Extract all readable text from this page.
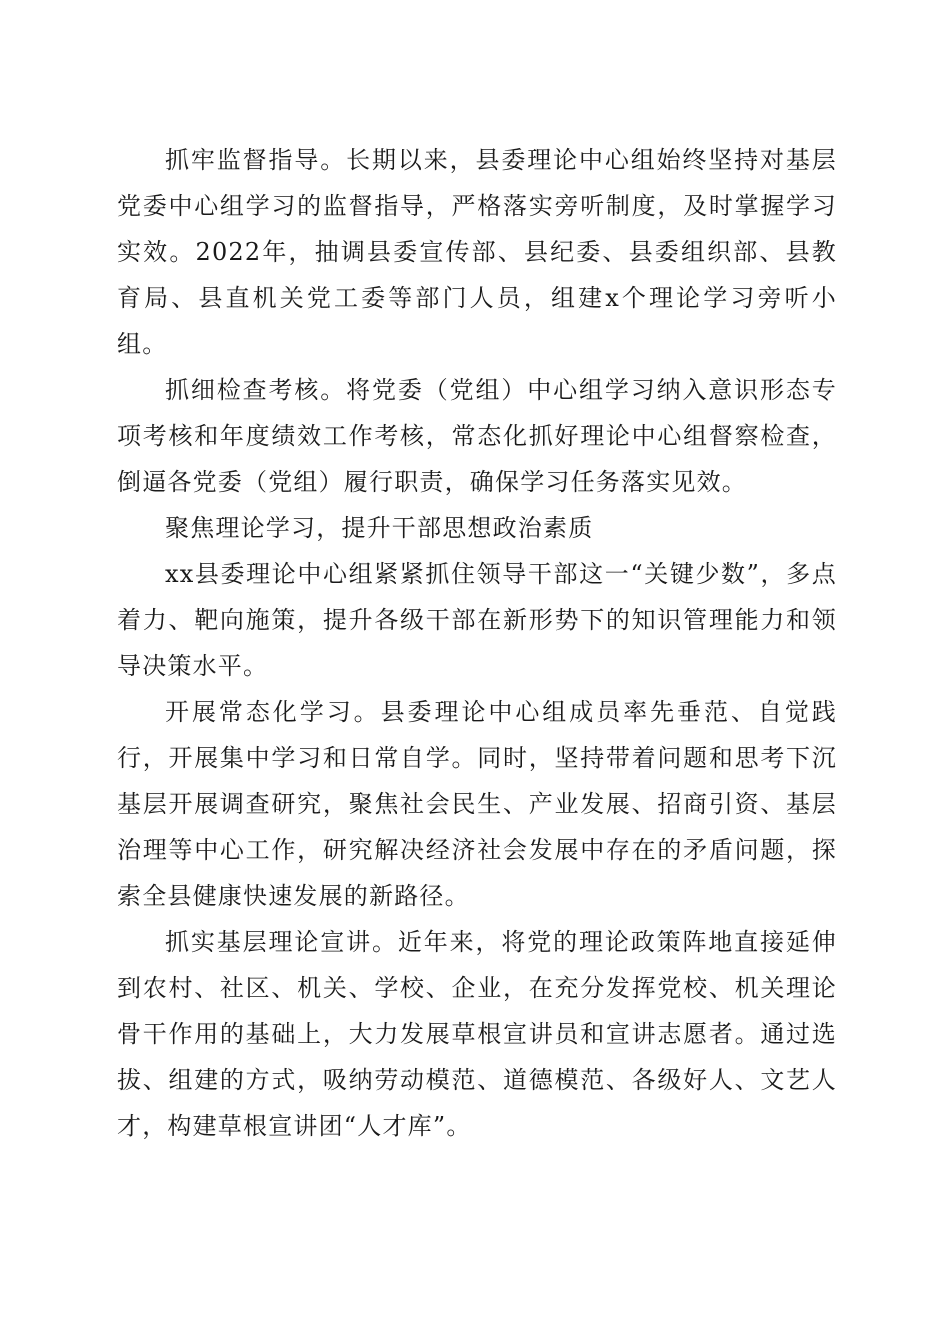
抓牢监督指导。长期以来，县委理论中心组始终坚持对基层党委中心组学习的监督指导，严格落实旁听制度，及时掌握学习实效。2022年，抽调县委宣传部、县纪委、县委组织部、县教育局、县直机关党工委等部门人员，组建x个理论学习旁听小组。

抓细检查考核。将党委（党组）中心组学习纳入意识形态专项考核和年度绩效工作考核，常态化抓好理论中心组督察检查，倒逼各党委（党组）履行职责，确保学习任务落实见效。

聚焦理论学习，提升干部思想政治素质

xx县委理论中心组紧紧抓住领导干部这一“关键少数”，多点着力、靶向施策，提升各级干部在新形势下的知识管理能力和领导决策水平。

开展常态化学习。县委理论中心组成员率先垂范、自觉践行，开展集中学习和日常自学。同时，坚持带着问题和思考下沉基层开展调查研究，聚焦社会民生、产业发展、招商引资、基层治理等中心工作，研究解决经济社会发展中存在的矛盾问题，探索全县健康快速发展的新路径。

抓实基层理论宣讲。近年来，将党的理论政策阵地直接延伸到农村、社区、机关、学校、企业，在充分发挥党校、机关理论骨干作用的基础上，大力发展草根宣讲员和宣讲志愿者。通过选拔、组建的方式，吸纳劳动模范、道德模范、各级好人、文艺人才，构建草根宣讲团“人才库”。
